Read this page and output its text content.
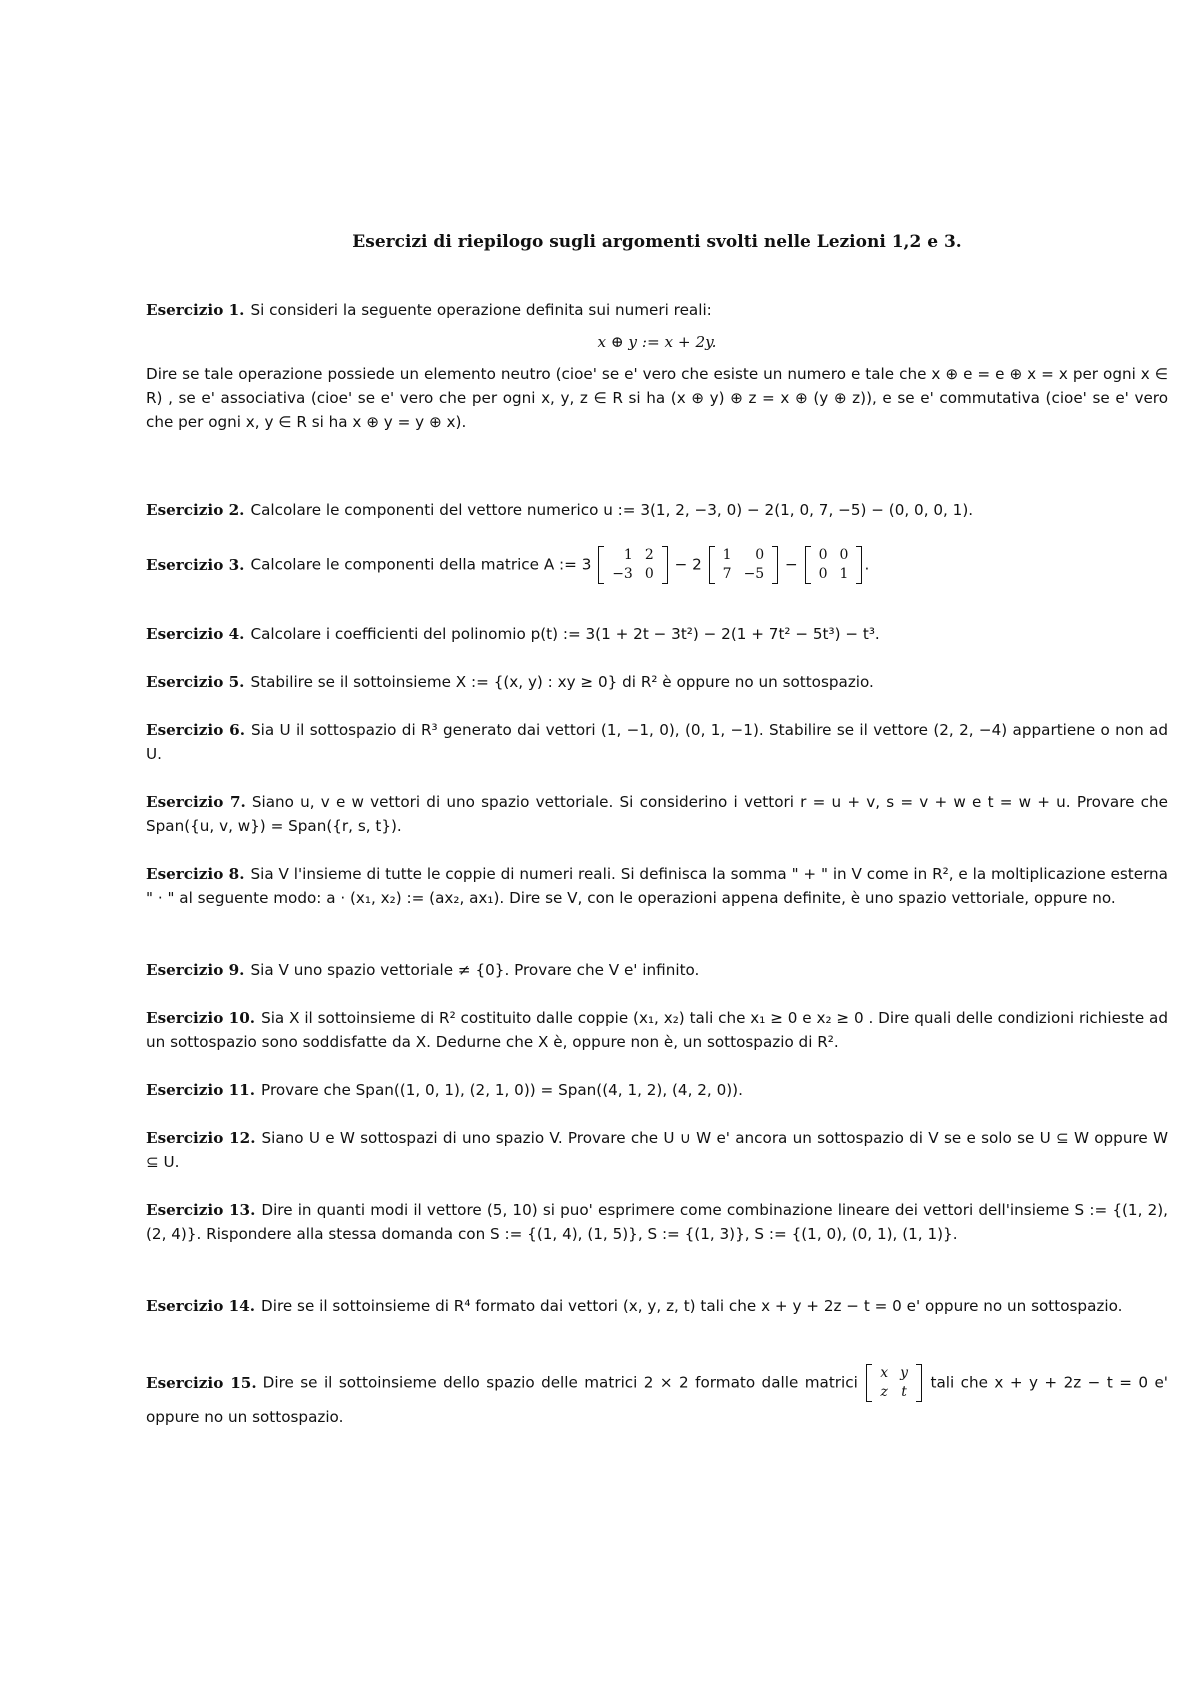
Esercizi di riepilogo sugli argomenti svolti nelle Lezioni 1,2 e 3.
Esercizio 1. Si consideri la seguente operazione definita sui numeri reali:
x ⊕ y := x + 2y.
Dire se tale operazione possiede un elemento neutro (cioe' se e' vero che esiste un numero e tale che x ⊕ e = e ⊕ x = x per ogni x ∈ R) , se e' associativa (cioe' se e' vero che per ogni x, y, z ∈ R si ha (x ⊕ y) ⊕ z = x ⊕ (y ⊕ z)), e se e' commutativa (cioe' se e' vero che per ogni x, y ∈ R si ha x ⊕ y = y ⊕ x).
Esercizio 2. Calcolare le componenti del vettore numerico u := 3(1, 2, −3, 0) − 2(1, 0, 7, −5) − (0, 0, 0, 1).
Esercizio 3. Calcolare le componenti della matrice A := 3
1	2
−3	0
− 2
1	0
7	−5
−
0	0
0	1
.
Esercizio 4. Calcolare i coefficienti del polinomio p(t) := 3(1 + 2t − 3t²) − 2(1 + 7t² − 5t³) − t³.
Esercizio 5. Stabilire se il sottoinsieme X := {(x, y) : xy ≥ 0} di R² è oppure no un sottospazio.
Esercizio 6. Sia U il sottospazio di R³ generato dai vettori (1, −1, 0), (0, 1, −1). Stabilire se il vettore (2, 2, −4) appartiene o non ad U.
Esercizio 7. Siano u, v e w vettori di uno spazio vettoriale. Si considerino i vettori r = u + v, s = v + w e t = w + u. Provare che Span({u, v, w}) = Span({r, s, t}).
Esercizio 8. Sia V l'insieme di tutte le coppie di numeri reali. Si definisca la somma " + " in V come in R², e la moltiplicazione esterna " · " al seguente modo: a · (x₁, x₂) := (ax₂, ax₁). Dire se V, con le operazioni appena definite, è uno spazio vettoriale, oppure no.
Esercizio 9. Sia V uno spazio vettoriale ≠ {0}. Provare che V e' infinito.
Esercizio 10. Sia X il sottoinsieme di R² costituito dalle coppie (x₁, x₂) tali che x₁ ≥ 0 e x₂ ≥ 0 . Dire quali delle condizioni richieste ad un sottospazio sono soddisfatte da X. Dedurne che X è, oppure non è, un sottospazio di R².
Esercizio 11. Provare che Span((1, 0, 1), (2, 1, 0)) = Span((4, 1, 2), (4, 2, 0)).
Esercizio 12. Siano U e W sottospazi di uno spazio V. Provare che U ∪ W e' ancora un sottospazio di V se e solo se U ⊆ W oppure W ⊆ U.
Esercizio 13. Dire in quanti modi il vettore (5, 10) si puo' esprimere come combinazione lineare dei vettori dell'insieme S := {(1, 2), (2, 4)}. Rispondere alla stessa domanda con S := {(1, 4), (1, 5)}, S := {(1, 3)}, S := {(1, 0), (0, 1), (1, 1)}.
Esercizio 14. Dire se il sottoinsieme di R⁴ formato dai vettori (x, y, z, t) tali che x + y + 2z − t = 0 e' oppure no un sottospazio.
Esercizio 15. Dire se il sottoinsieme dello spazio delle matrici 2 × 2 formato dalle matrici
x	y
z	t
tali che x + y + 2z − t = 0 e' oppure no un sottospazio.
